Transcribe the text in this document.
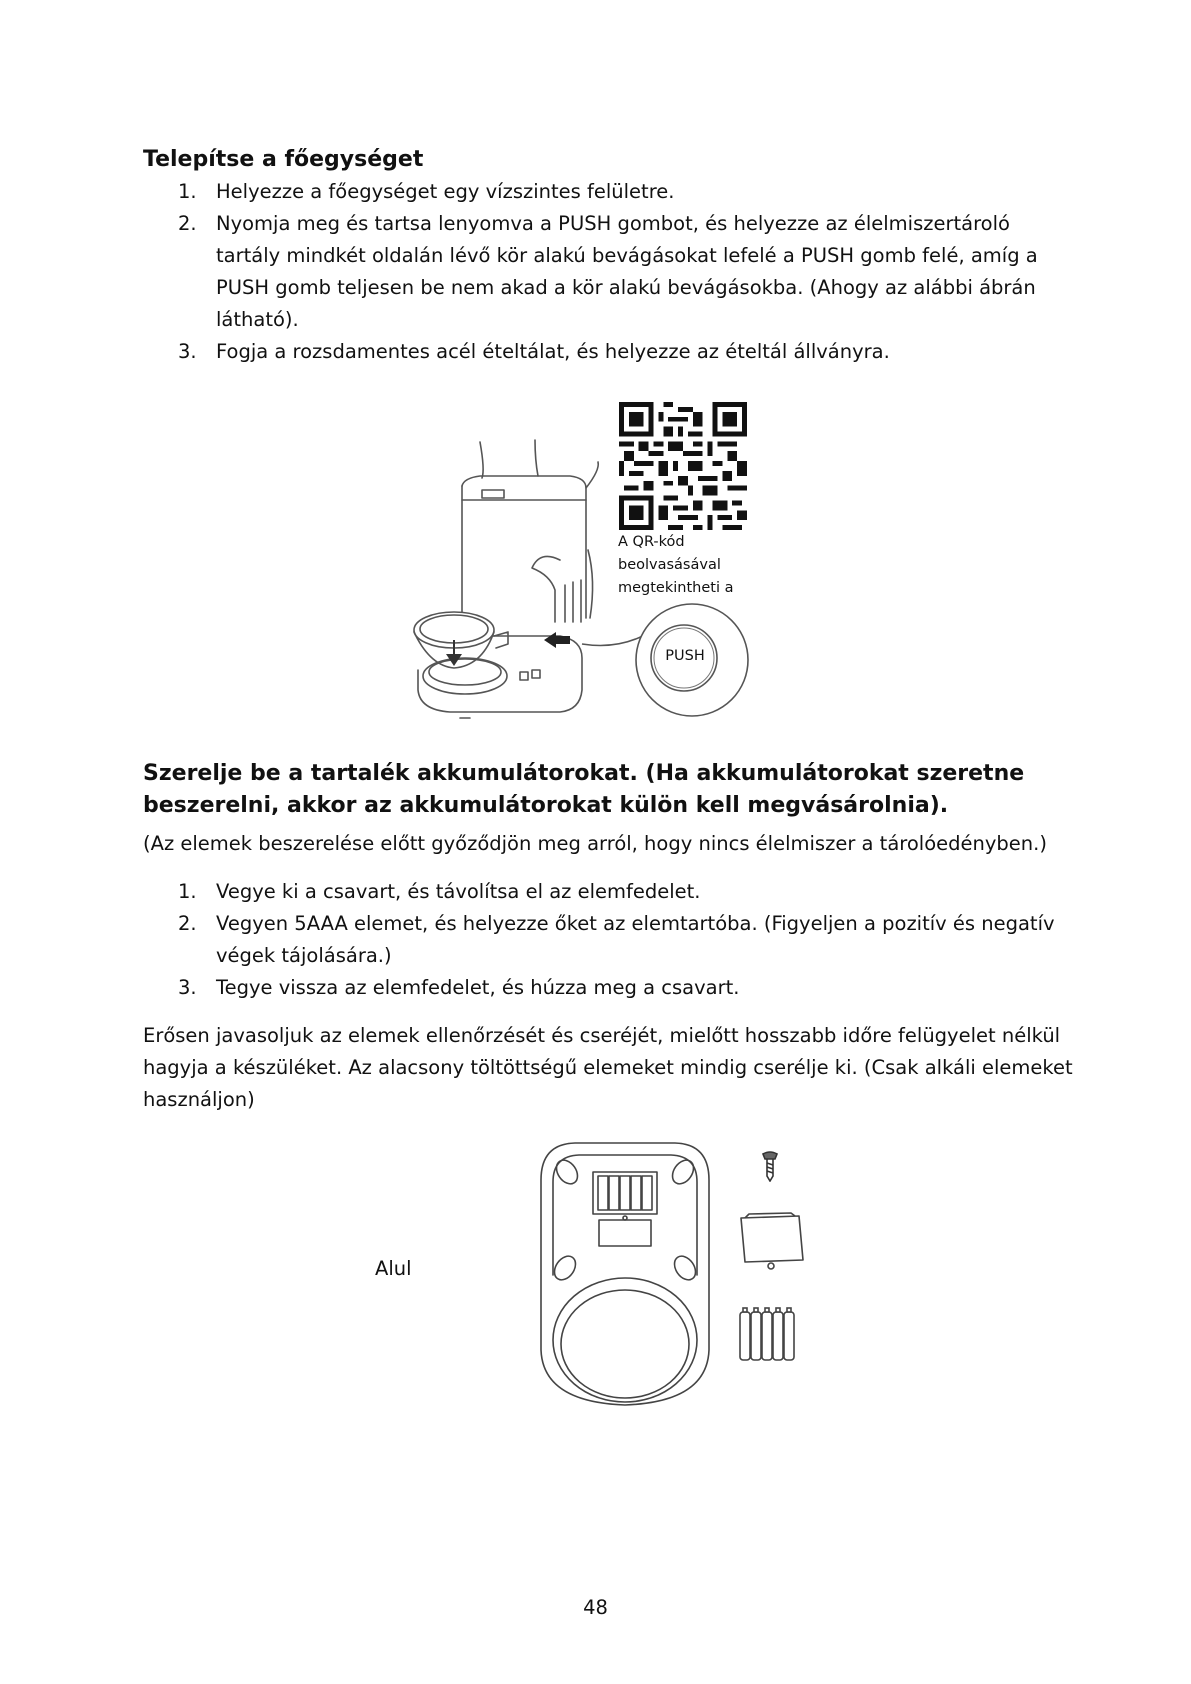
Telepítse a főegységet
1. Helyezze a főegységet egy vízszintes felületre.
2. Nyomja meg és tartsa lenyomva a PUSH gombot, és helyezze az élelmiszertároló tartály mindkét oldalán lévő kör alakú bevágásokat lefelé a PUSH gomb felé, amíg a PUSH gomb teljesen be nem akad a kör alakú bevágásokba. (Ahogy az alábbi ábrán látható).
3. Fogja a rozsdamentes acél ételtálat, és helyezze az ételtál állványra.
A QR-kód
beolvasásával
megtekintheti a
PUSH
Szerelje be a tartalék akkumulátorokat. (Ha akkumulátorokat szeretne
beszerelni, akkor az akkumulátorokat külön kell megvásárolnia).

(Az elemek beszerelése előtt győződjön meg arról, hogy nincs élelmiszer a tárolóedényben.)

1. Vegye ki a csavart, és távolítsa el az elemfedelet.
2. Vegyen 5AAA elemet, és helyezze őket az elemtartóba. (Figyeljen a pozitív és negatív végek tájolására.)
3. Tegye vissza az elemfedelet, és húzza meg a csavart.

Erősen javasoljuk az elemek ellenőrzését és cseréjét, mielőtt hosszabb időre felügyelet nélkül hagyja a készüléket. Az alacsony töltöttségű elemeket mindig cserélje ki. (Csak alkáli elemeket használjon)

Alul
48
